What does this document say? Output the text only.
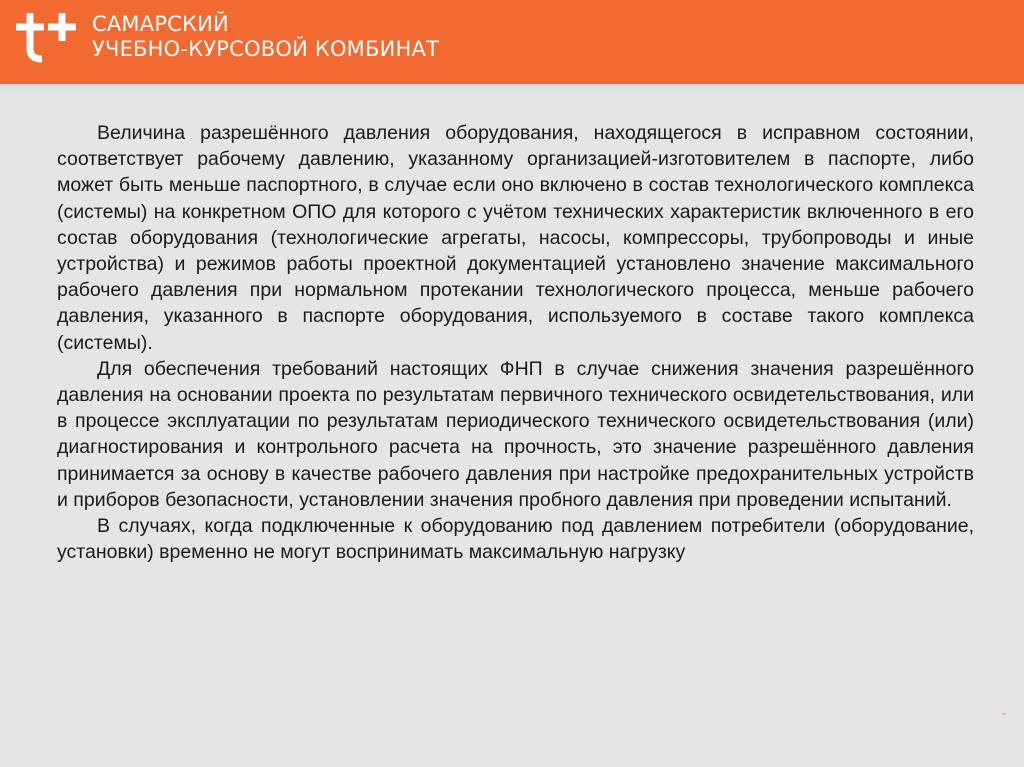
САМАРСКИЙ
УЧЕБНО-КУРСОВОЙ КОМБИНАТ

Величина разрешённого давления оборудования, находящегося в исправном состоянии, соответствует рабочему давлению, указанному организацией-изготовителем в паспорте, либо может быть меньше паспортного, в случае если оно включено в состав технологического комплекса (системы) на конкретном ОПО для которого с учётом технических характеристик включенного в его состав оборудования (технологические агрегаты, насосы, компрессоры, трубопроводы и иные устройства) и режимов работы проектной документацией установлено значение максимального рабочего давления при нормальном протекании технологического процесса, меньше рабочего давления, указанного в паспорте оборудования, используемого в составе такого комплекса (системы).

Для обеспечения требований настоящих ФНП в случае снижения значения разрешённого давления на основании проекта по результатам первичного технического освидетельствования, или в процессе эксплуатации по результатам периодического технического освидетельствования (или) диагностирования и контрольного расчета на прочность, это значение разрешённого давления принимается за основу в качестве рабочего давления при настройке предохранительных устройств и приборов безопасности, установлении значения пробного давления при проведении испытаний.

В случаях, когда подключенные к оборудованию под давлением потребители (оборудование, установки) временно не могут воспринимать максимальную нагрузку
